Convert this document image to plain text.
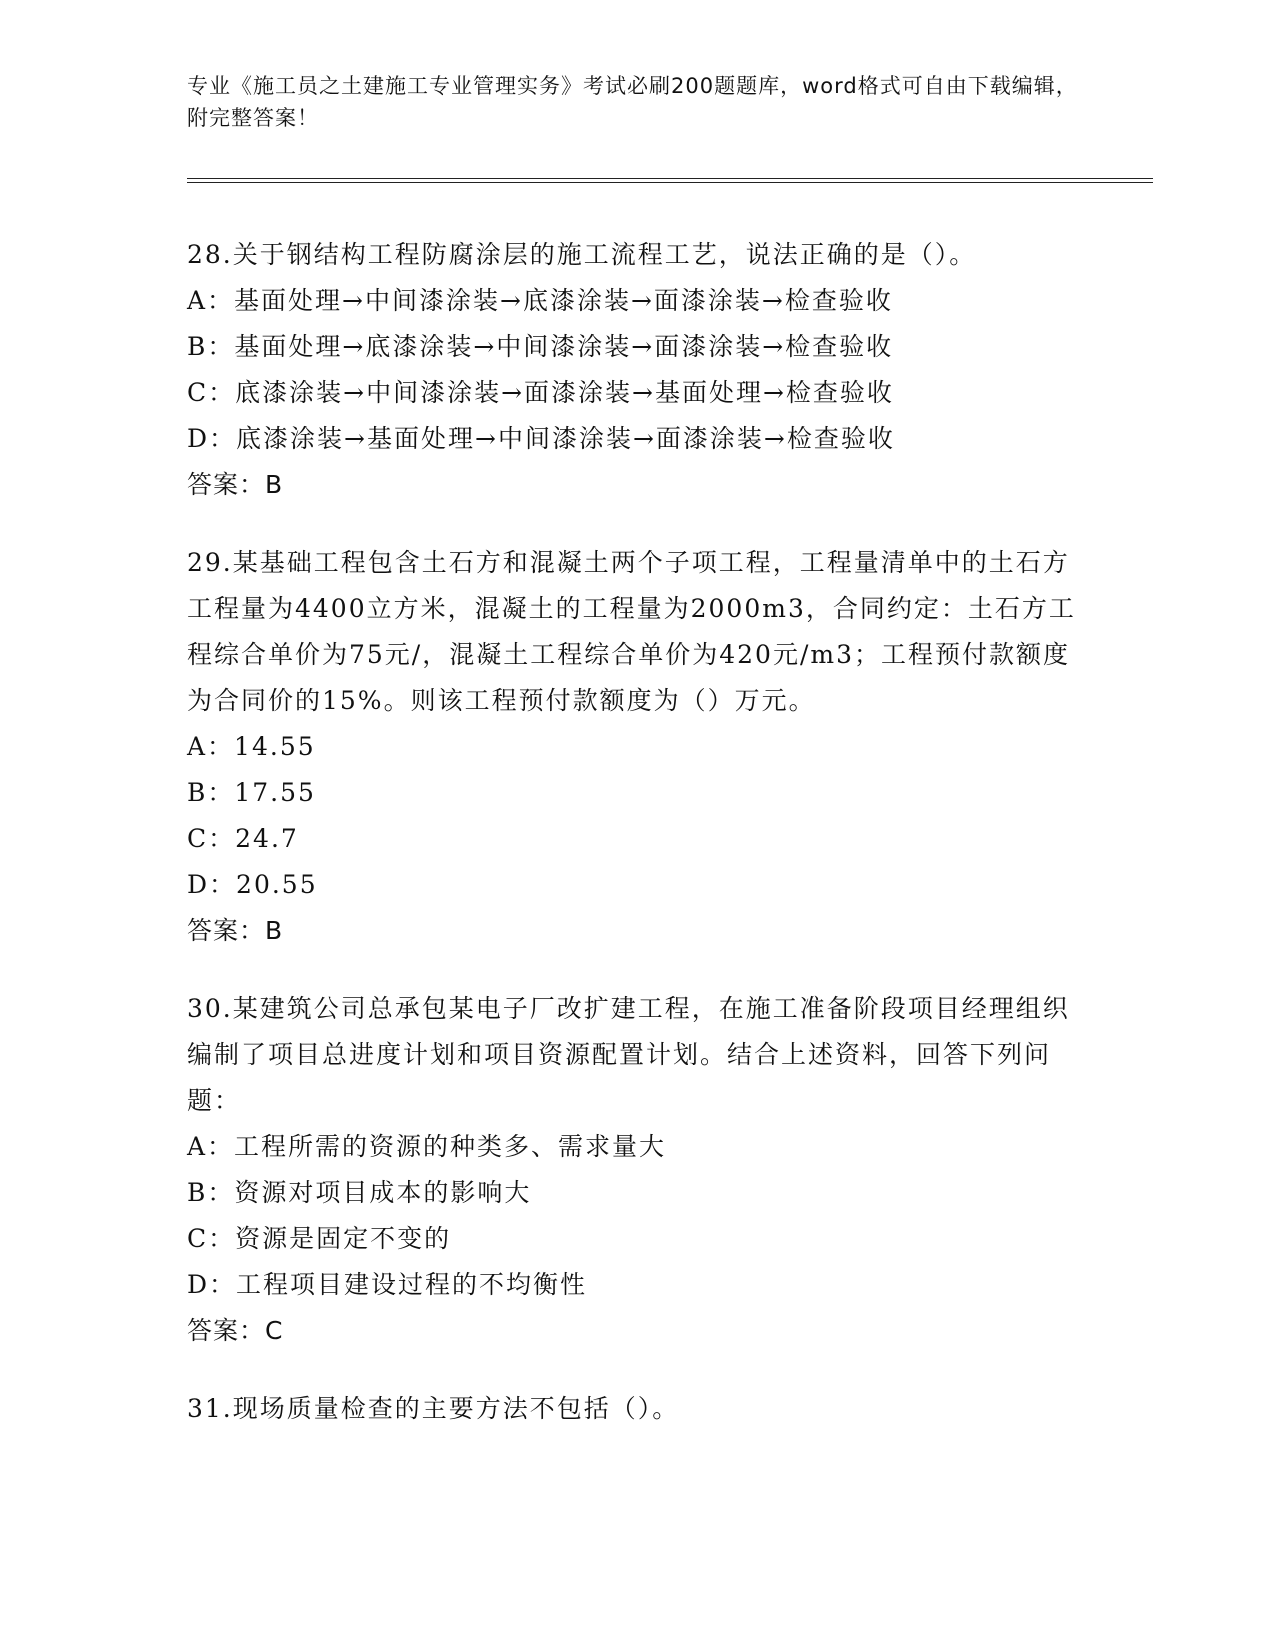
专业《施工员之土建施工专业管理实务》考试必刷200题题库，word格式可自由下载编辑，附完整答案！
28.关于钢结构工程防腐涂层的施工流程工艺，说法正确的是（）。
A：基面处理→中间漆涂装→底漆涂装→面漆涂装→检查验收
B：基面处理→底漆涂装→中间漆涂装→面漆涂装→检查验收
C：底漆涂装→中间漆涂装→面漆涂装→基面处理→检查验收
D：底漆涂装→基面处理→中间漆涂装→面漆涂装→检查验收
答案：B
29.某基础工程包含土石方和混凝土两个子项工程，工程量清单中的土石方工程量为4400立方米，混凝土的工程量为2000m3，合同约定：土石方工程综合单价为75元/，混凝土工程综合单价为420元/m3；工程预付款额度为合同价的15%。则该工程预付款额度为（）万元。
A：14.55
B：17.55
C：24.7
D：20.55
答案：B
30.某建筑公司总承包某电子厂改扩建工程，在施工准备阶段项目经理组织编制了项目总进度计划和项目资源配置计划。结合上述资料，回答下列问题：
A：工程所需的资源的种类多、需求量大
B：资源对项目成本的影响大
C：资源是固定不变的
D：工程项目建设过程的不均衡性
答案：C
31.现场质量检查的主要方法不包括（）。
